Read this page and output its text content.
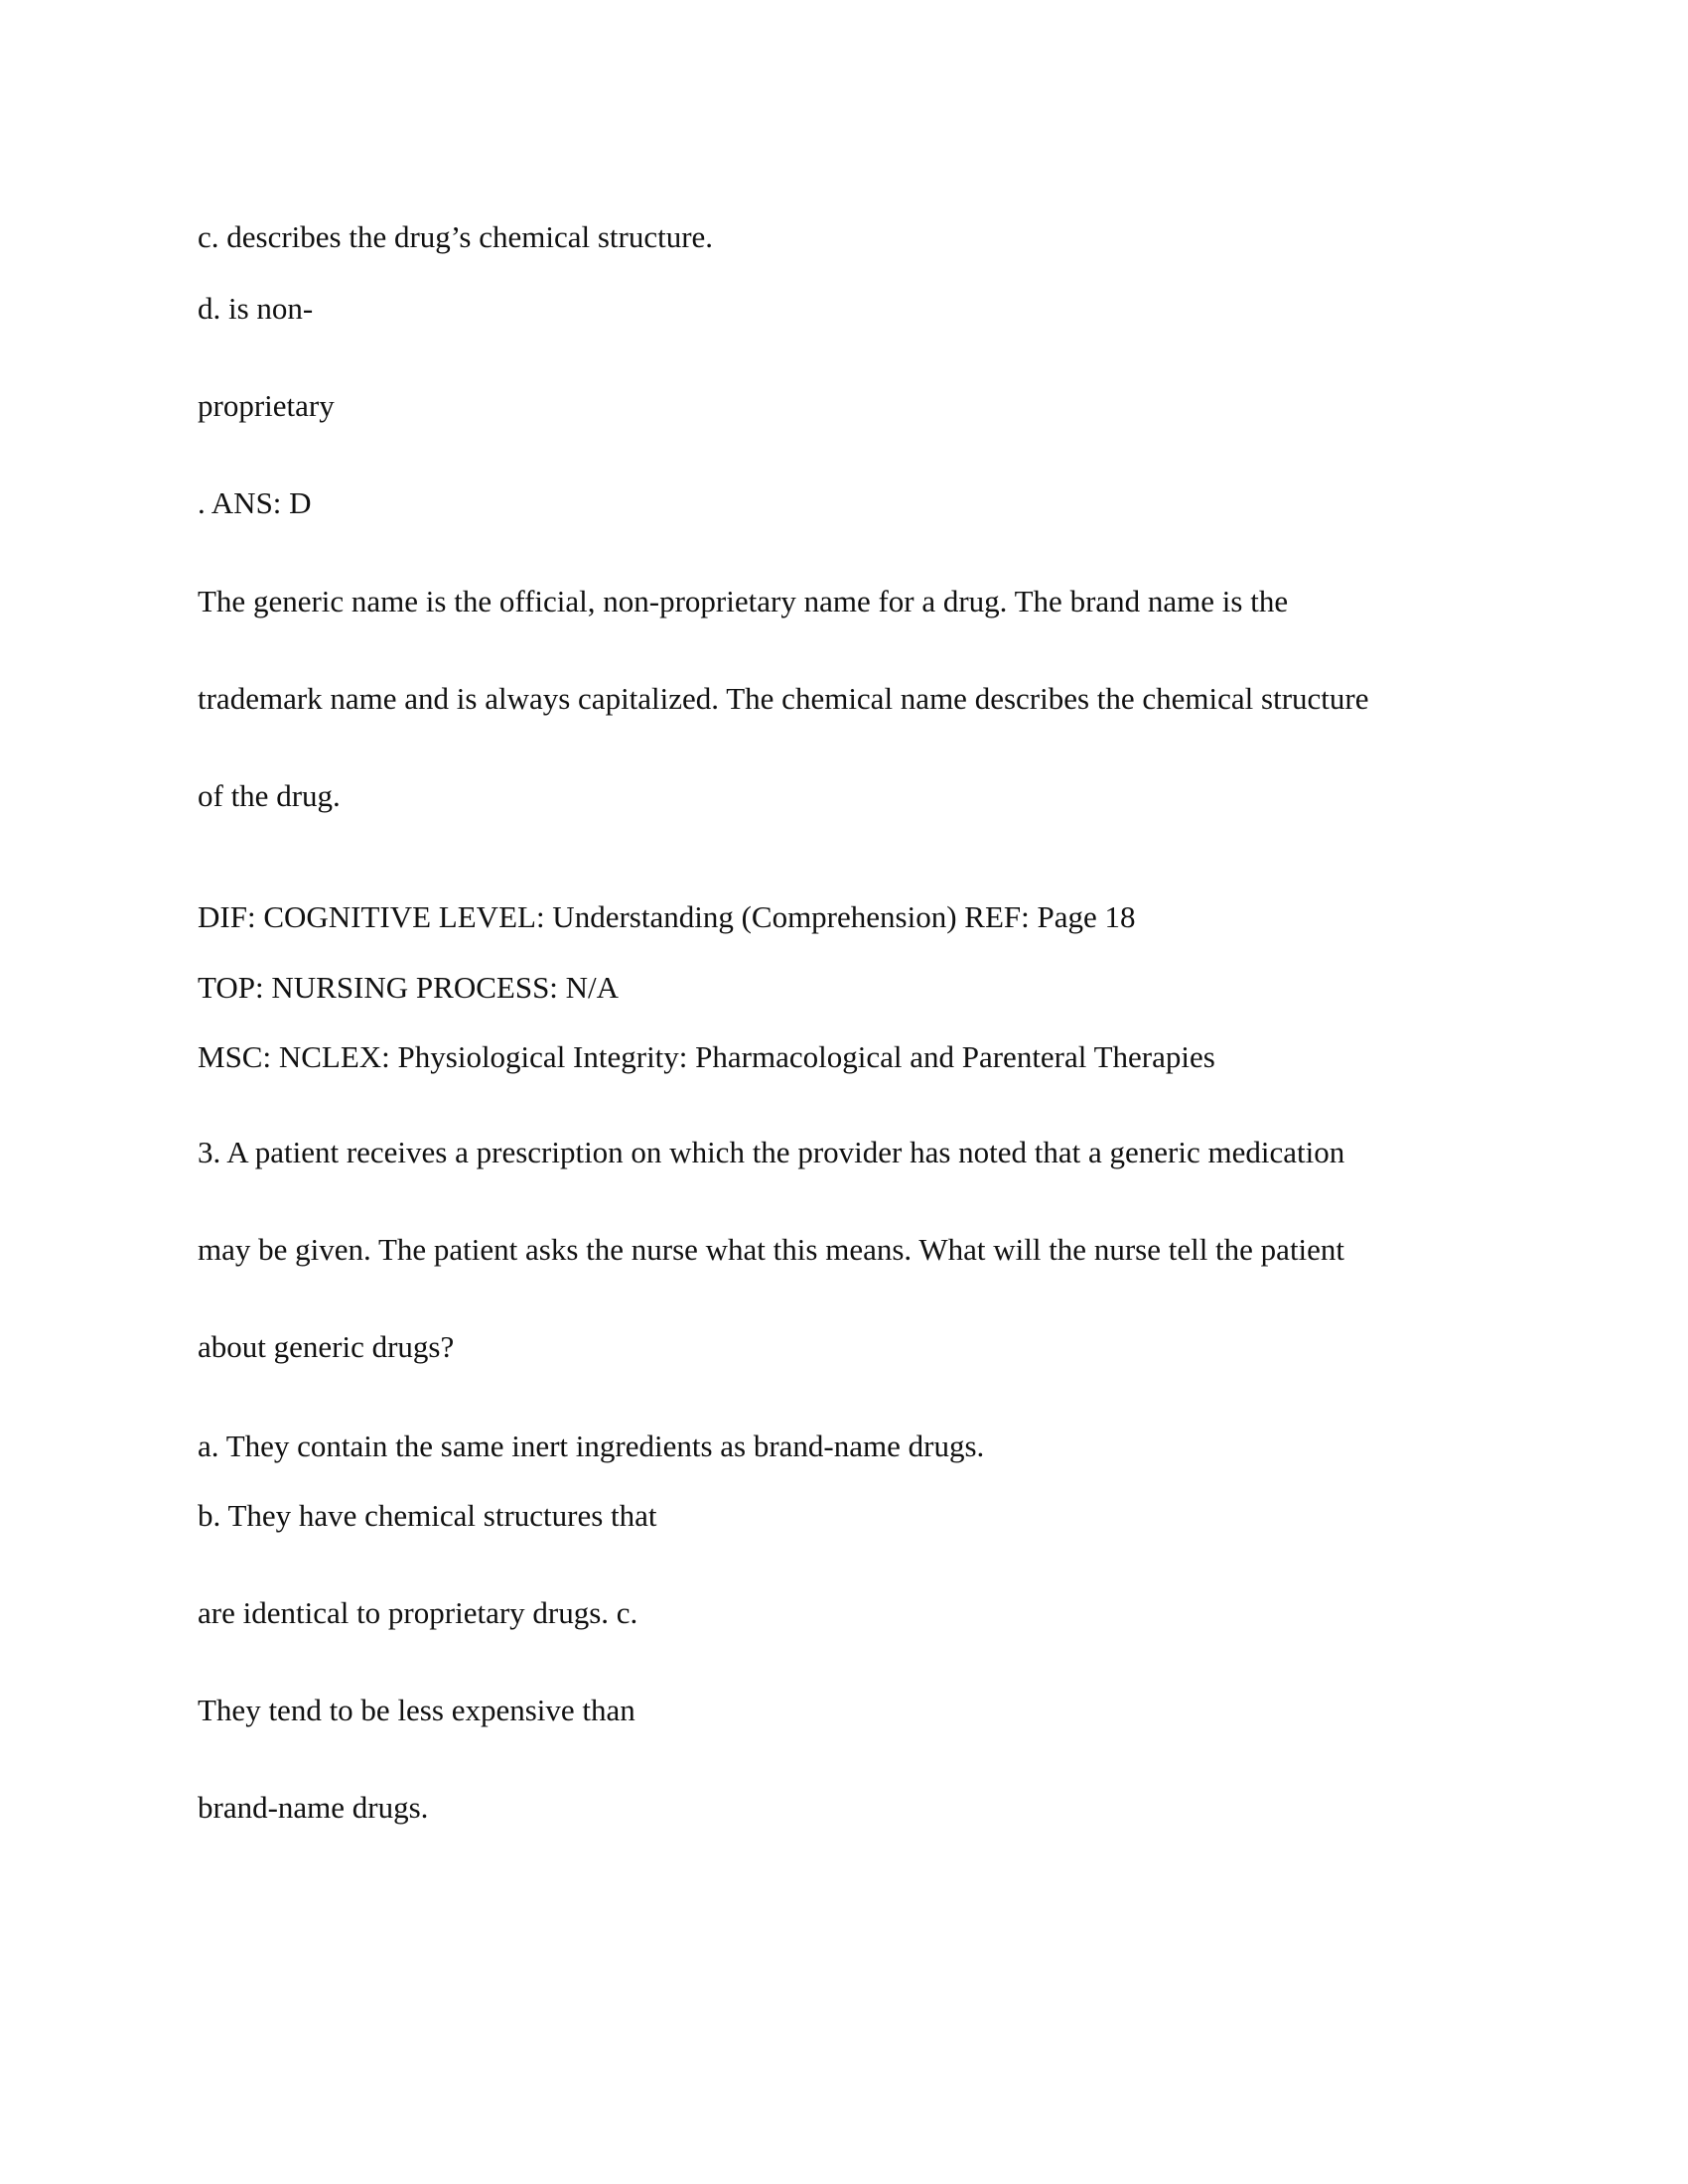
c. describes the drug’s chemical structure.

d. is non-

proprietary

. ANS: D

The generic name is the official, non-proprietary name for a drug. The brand name is the

trademark name and is always capitalized. The chemical name describes the chemical structure

of the drug.

DIF: COGNITIVE LEVEL: Understanding (Comprehension) REF: Page 18

TOP: NURSING PROCESS: N/A

MSC: NCLEX: Physiological Integrity: Pharmacological and Parenteral Therapies

3. A patient receives a prescription on which the provider has noted that a generic medication

may be given. The patient asks the nurse what this means. What will the nurse tell the patient

about generic drugs?

a. They contain the same inert ingredients as brand-name drugs.

b. They have chemical structures that

are identical to proprietary drugs. c.

They tend to be less expensive than

brand-name drugs.
